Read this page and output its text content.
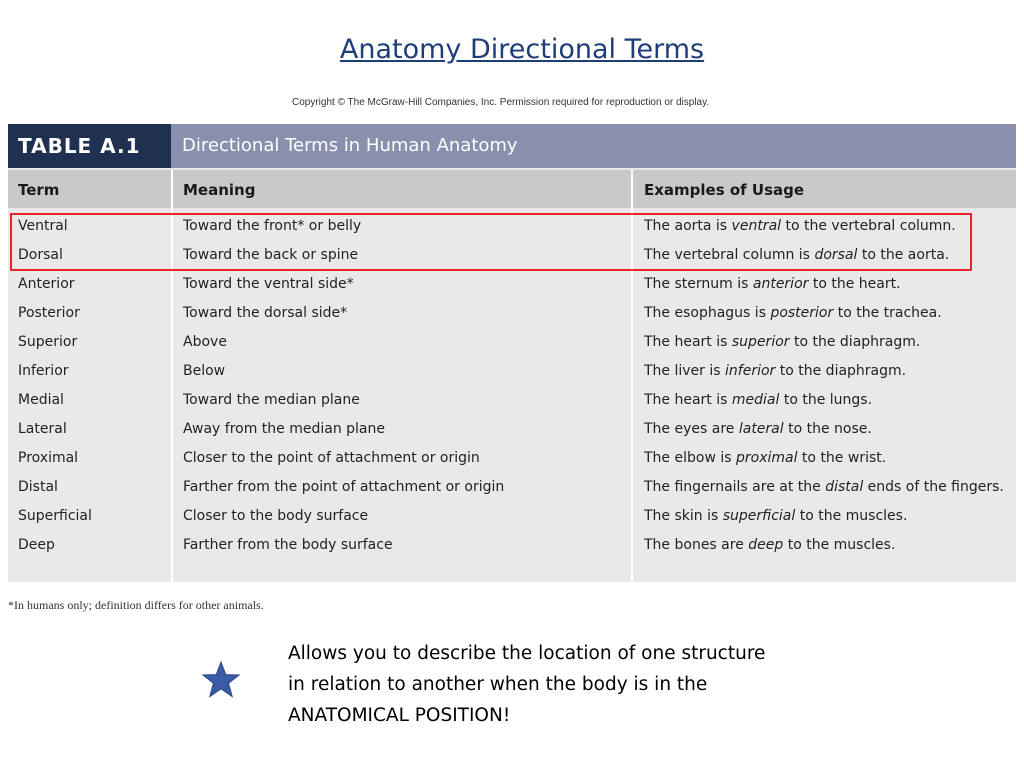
Anatomy Directional Terms
Copyright © The McGraw-Hill Companies, Inc. Permission required for reproduction or display.
TABLE A.1	Directional Terms in Human Anatomy
Term	Meaning	Examples of Usage
Ventral	Toward the front* or belly	The aorta is ventral to the vertebral column.
Dorsal	Toward the back or spine	The vertebral column is dorsal to the aorta.
Anterior	Toward the ventral side*	The sternum is anterior to the heart.
Posterior	Toward the dorsal side*	The esophagus is posterior to the trachea.
Superior	Above	The heart is superior to the diaphragm.
Inferior	Below	The liver is inferior to the diaphragm.
Medial	Toward the median plane	The heart is medial to the lungs.
Lateral	Away from the median plane	The eyes are lateral to the nose.
Proximal	Closer to the point of attachment or origin	The elbow is proximal to the wrist.
Distal	Farther from the point of attachment or origin	The fingernails are at the distal ends of the fingers.
Superficial	Closer to the body surface	The skin is superficial to the muscles.
Deep	Farther from the body surface	The bones are deep to the muscles.
*In humans only; definition differs for other animals.
Allows you to describe the location of one structure in relation to another when the body is in the ANATOMICAL POSITION!
